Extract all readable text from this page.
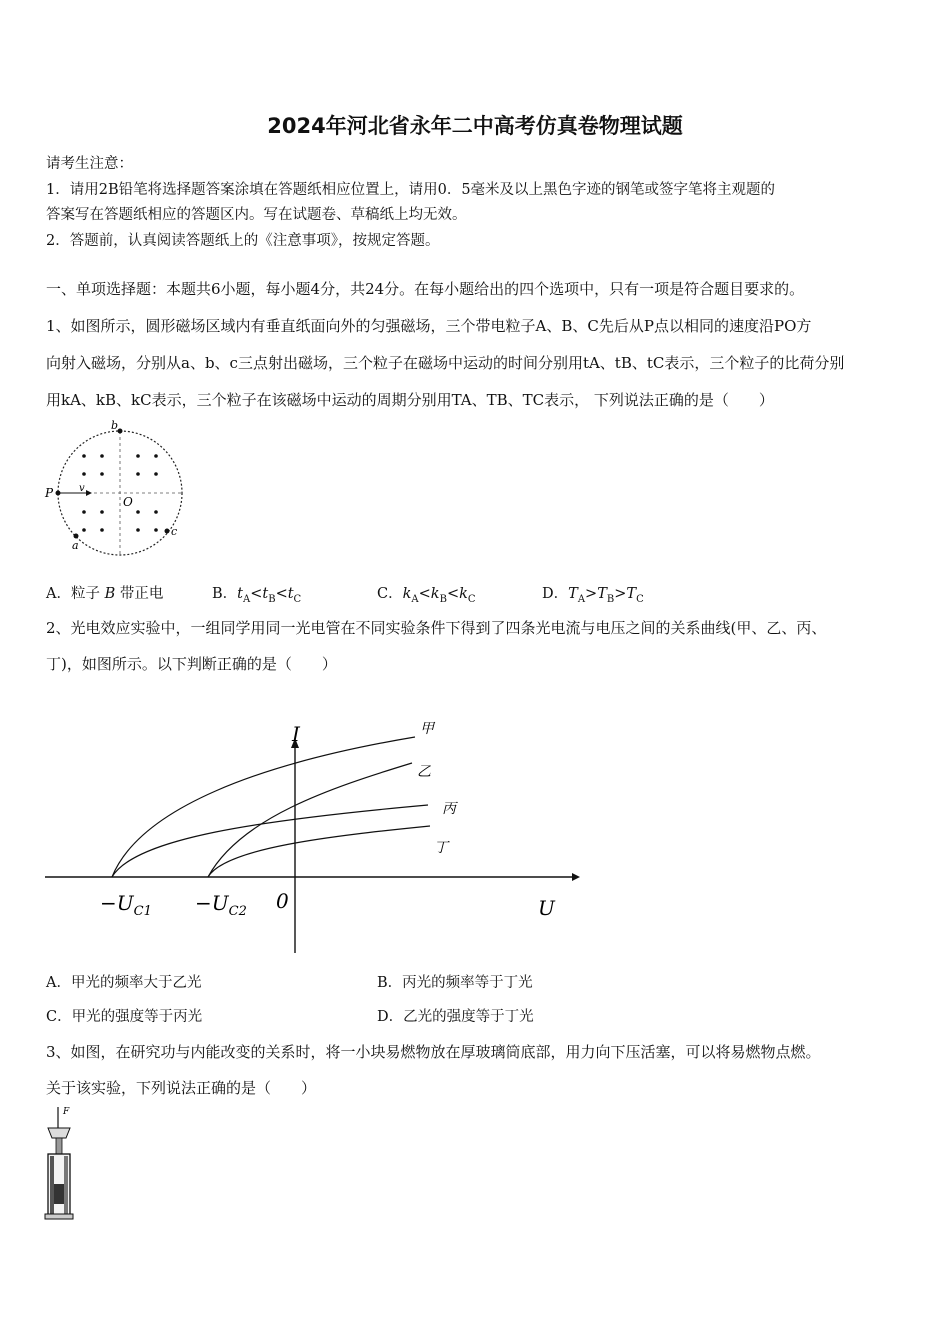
2024年河北省永年二中高考仿真卷物理试题
请考生注意：
1．请用2B铅笔将选择题答案涂填在答题纸相应位置上，请用0．5毫米及以上黑色字迹的钢笔或签字笔将主观题的
答案写在答题纸相应的答题区内。写在试题卷、草稿纸上均无效。
2．答题前，认真阅读答题纸上的《注意事项》，按规定答题。
一、单项选择题：本题共6小题，每小题4分，共24分。在每小题给出的四个选项中，只有一项是符合题目要求的。
1、如图所示，圆形磁场区域内有垂直纸面向外的匀强磁场，三个带电粒子A、B、C先后从P点以相同的速度沿PO方
向射入磁场，分别从a、b、c三点射出磁场，三个粒子在磁场中运动的时间分别用tA、tB、tC表示，三个粒子的比荷分别
用kA、kB、kC表示，三个粒子在该磁场中运动的周期分别用TA、TB、TC表示， 下列说法正确的是（　　）
P
b
O
a
c
v
A．粒子 B 带正电	B．$t_A<t_B<t_C$	C．$k_A<k_B<k_C$	D．$T_A>T_B>T_C$
2、光电效应实验中，一组同学用同一光电管在不同实验条件下得到了四条光电流与电压之间的关系曲线(甲、乙、丙、
丁)，如图所示。以下判断正确的是（　　）
I
U
0
甲
乙
丙
丁
$-U_{C1} -U_{C2}$
A．甲光的频率大于乙光	B．丙光的频率等于丁光
C．甲光的强度等于丙光	D．乙光的强度等于丁光
3、如图，在研究功与内能改变的关系时，将一小块易燃物放在厚玻璃筒底部，用力向下压活塞，可以将易燃物点燃。
关于该实验，下列说法正确的是（　　）
F
